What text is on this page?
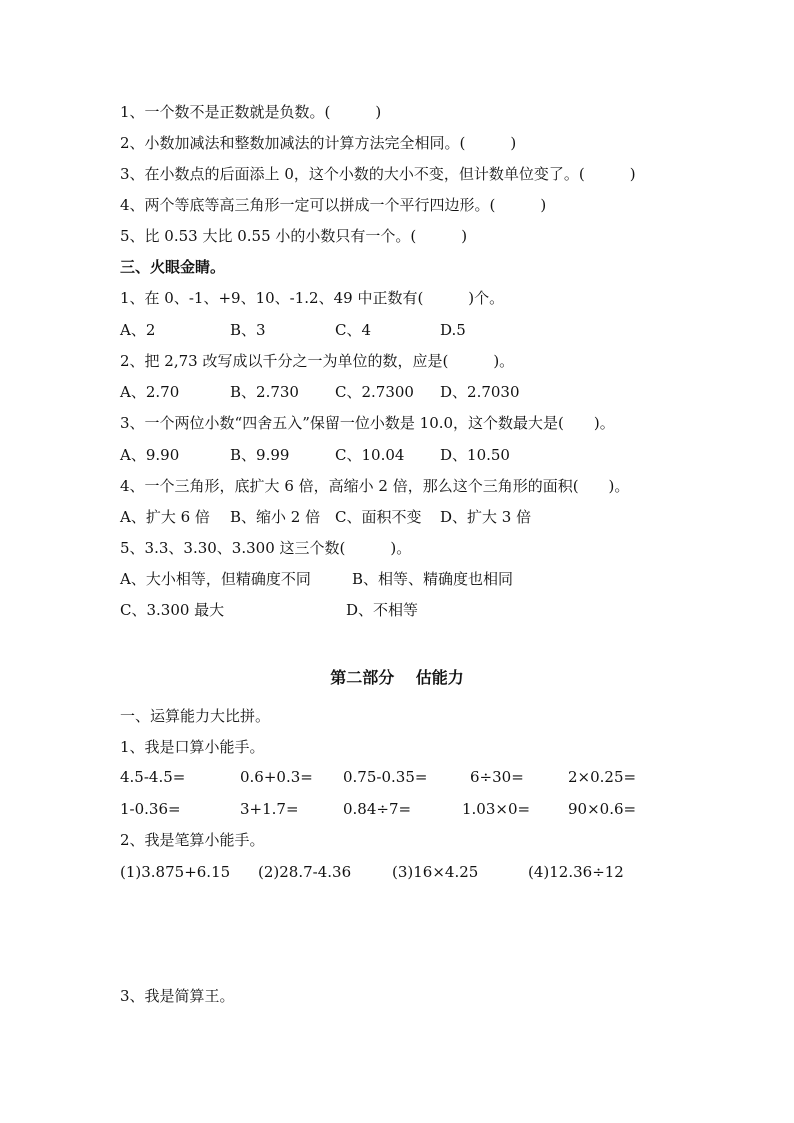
1、一个数不是正数就是负数。(　　　)
2、小数加减法和整数加减法的计算方法完全相同。(　　　)
3、在小数点的后面添上 0，这个小数的大小不变，但计数单位变了。(　　　)
4、两个等底等高三角形一定可以拼成一个平行四边形。(　　　)
5、比 0.53 大比 0.55 小的小数只有一个。(　　　)
三、火眼金睛。
1、在 0、-1、+9、10、-1.2、49 中正数有(　　　)个。
A、2	B、3	C、4	D.5
2、把 2,73 改写成以千分之一为单位的数，应是(　　　)。
A、2.70	B、2.730 C、2.7300 D、2.7030
3、一个两位小数“四舍五入”保留一位小数是 10.0，这个数最大是(　　)。
A、9.90	B、9.99	C、10.04 D、10.50
4、一个三角形，底扩大 6 倍，高缩小 2 倍，那么这个三角形的面积(　　)。
A、扩大 6 倍 B、缩小 2 倍 C、面积不变 D、扩大 3 倍
5、3.3、3.30、3.300 这三个数(　　　)。
A、大小相等，但精确度不同	B、相等、精确度也相同
C、3.300 最大	D、不相等
第二部分　 估能力
一、运算能力大比拼。
1、我是口算小能手。
4.5-4.5=	0.6+0.3= 0.75-0.35=	6÷30=	2×0.25=
1-0.36=	3+1.7=	0.84÷7=	1.03×0=	90×0.6=
2、我是笔算小能手。
(1)3.875+6.15 (2)28.7-4.36	(3)16×4.25	(4)12.36÷12
3、我是简算王。
